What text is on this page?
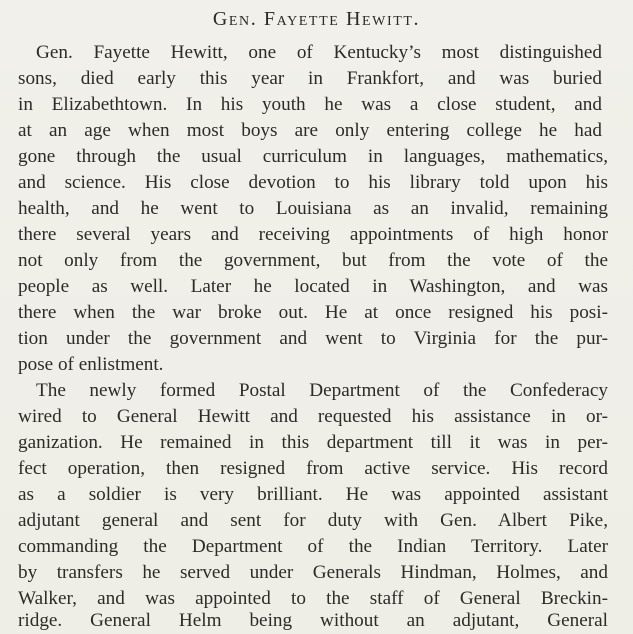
Gen. Fayette Hewitt.
Gen. Fayette Hewitt, one of Kentucky’s most distinguished
sons, died early this year in Frankfort, and was buried
in Elizabethtown. In his youth he was a close student, and
at an age when most boys are only entering college he had
gone through the usual curriculum in languages, mathematics,
and science. His close devotion to his library told upon his
health, and he went to Louisiana as an invalid, remaining
there several years and receiving appointments of high honor
not only from the government, but from the vote of the
people as well. Later he located in Washington, and was
there when the war broke out. He at once resigned his posi-
tion under the government and went to Virginia for the pur-
pose of enlistment.
The newly formed Postal Department of the Confederacy
wired to General Hewitt and requested his assistance in or-
ganization. He remained in this department till it was in per-
fect operation, then resigned from active service. His record
as a soldier is very brilliant. He was appointed assistant
adjutant general and sent for duty with Gen. Albert Pike,
commanding the Department of the Indian Territory. Later
by transfers he served under Generals Hindman, Holmes, and
Walker, and was appointed to the staff of General Breckin-
ridge. General Helm being without an adjutant, General
